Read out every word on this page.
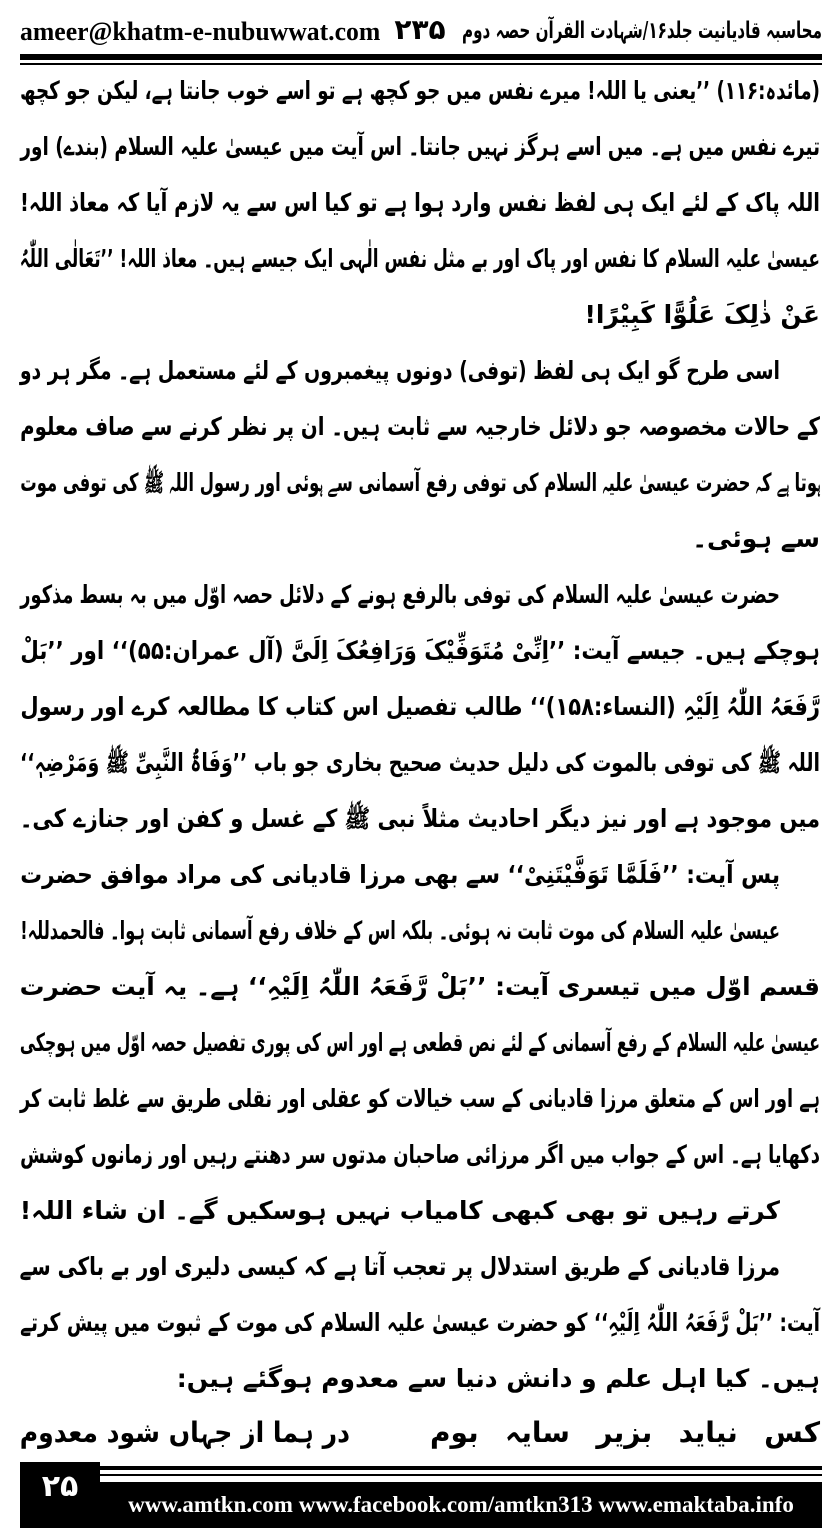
ameer@khatm-e-nubuwwat.com ۲۳۵ محاسبہ قادیانیت جلد۱۶/شہادت القرآن حصہ دوم
(مائدہ:۱۱۶) ’’یعنی یا اللہ! میرے نفس میں جو کچھ ہے تو اسے خوب جانتا ہے، لیکن جو کچھ
تیرے نفس میں ہے۔ میں اسے ہرگز نہیں جانتا۔ اس آیت میں عیسیٰ علیہ السلام (بندے) اور
اللہ پاک کے لئے ایک ہی لفظ نفس وارد ہوا ہے تو کیا اس سے یہ لازم آیا کہ معاذ اللہ!
عیسیٰ علیہ السلام کا نفس اور پاک اور بے مثل نفس الٰہی ایک جیسے ہیں۔ معاذ اللہ! ’’تَعَالٰی اللّٰہُ
عَنْ ذٰلِکَ عَلُوًّا کَبِیْرًا!
اسی طرح گو ایک ہی لفظ (توفی) دونوں پیغمبروں کے لئے مستعمل ہے۔ مگر ہر دو
کے حالات مخصوصہ جو دلائل خارجیہ سے ثابت ہیں۔ ان پر نظر کرنے سے صاف معلوم
ہوتا ہے کہ حضرت عیسیٰ علیہ السلام کی توفی رفع آسمانی سے ہوئی اور رسول اللہ ﷺ کی توفی موت
سے ہوئی۔
حضرت عیسیٰ علیہ السلام کی توفی بالرفع ہونے کے دلائل حصہ اوّل میں بہ بسط مذکور
ہوچکے ہیں۔ جیسے آیت: ’’اِنِّیْ مُتَوَفِّیْکَ وَرَافِعُکَ اِلَیَّ (آل عمران:۵۵)‘‘ اور ’’بَلْ
رَّفَعَہُ اللّٰہُ اِلَیْہِ (النساء:۱۵۸)‘‘ طالب تفصیل اس کتاب کا مطالعہ کرے اور رسول
اللہ ﷺ کی توفی بالموت کی دلیل حدیث صحیح بخاری جو باب ’’وَفَاۃُ النَّبِیِّ ﷺ وَمَرْضِہٖ‘‘
میں موجود ہے اور نیز دیگر احادیث مثلاً نبی ﷺ کے غسل و کفن اور جنازے کی۔
پس آیت: ’’فَلَمَّا تَوَفَّیْتَنِیْ‘‘ سے بھی مرزا قادیانی کی مراد موافق حضرت
عیسیٰ علیہ السلام کی موت ثابت نہ ہوئی۔ بلکہ اس کے خلاف رفع آسمانی ثابت ہوا۔ فالحمدللہ!
قسم اوّل میں تیسری آیت: ’’بَلْ رَّفَعَہُ اللّٰہُ اِلَیْہِ‘‘ ہے۔ یہ آیت حضرت
عیسیٰ علیہ السلام کے رفع آسمانی کے لئے نص قطعی ہے اور اس کی پوری تفصیل حصہ اوّل میں ہوچکی
ہے اور اس کے متعلق مرزا قادیانی کے سب خیالات کو عقلی اور نقلی طریق سے غلط ثابت کر
دکھایا ہے۔ اس کے جواب میں اگر مرزائی صاحبان مدتوں سر دھنتے رہیں اور زمانوں کوشش
کرتے رہیں تو بھی کبھی کامیاب نہیں ہوسکیں گے۔ ان شاء اللہ!
مرزا قادیانی کے طریق استدلال پر تعجب آتا ہے کہ کیسی دلیری اور بے باکی سے
آیت: ’’بَلْ رَّفَعَہُ اللّٰہُ اِلَیْہِ‘‘ کو حضرت عیسیٰ علیہ السلام کی موت کے ثبوت میں پیش کرتے
ہیں۔ کیا اہل علم و دانش دنیا سے معدوم ہوگئے ہیں:
کس نیاید بزیر سایہ بوم
در ہما از جہاں شود معدوم
۲۵
www.amtkn.com www.facebook.com/amtkn313 www.emaktaba.info
